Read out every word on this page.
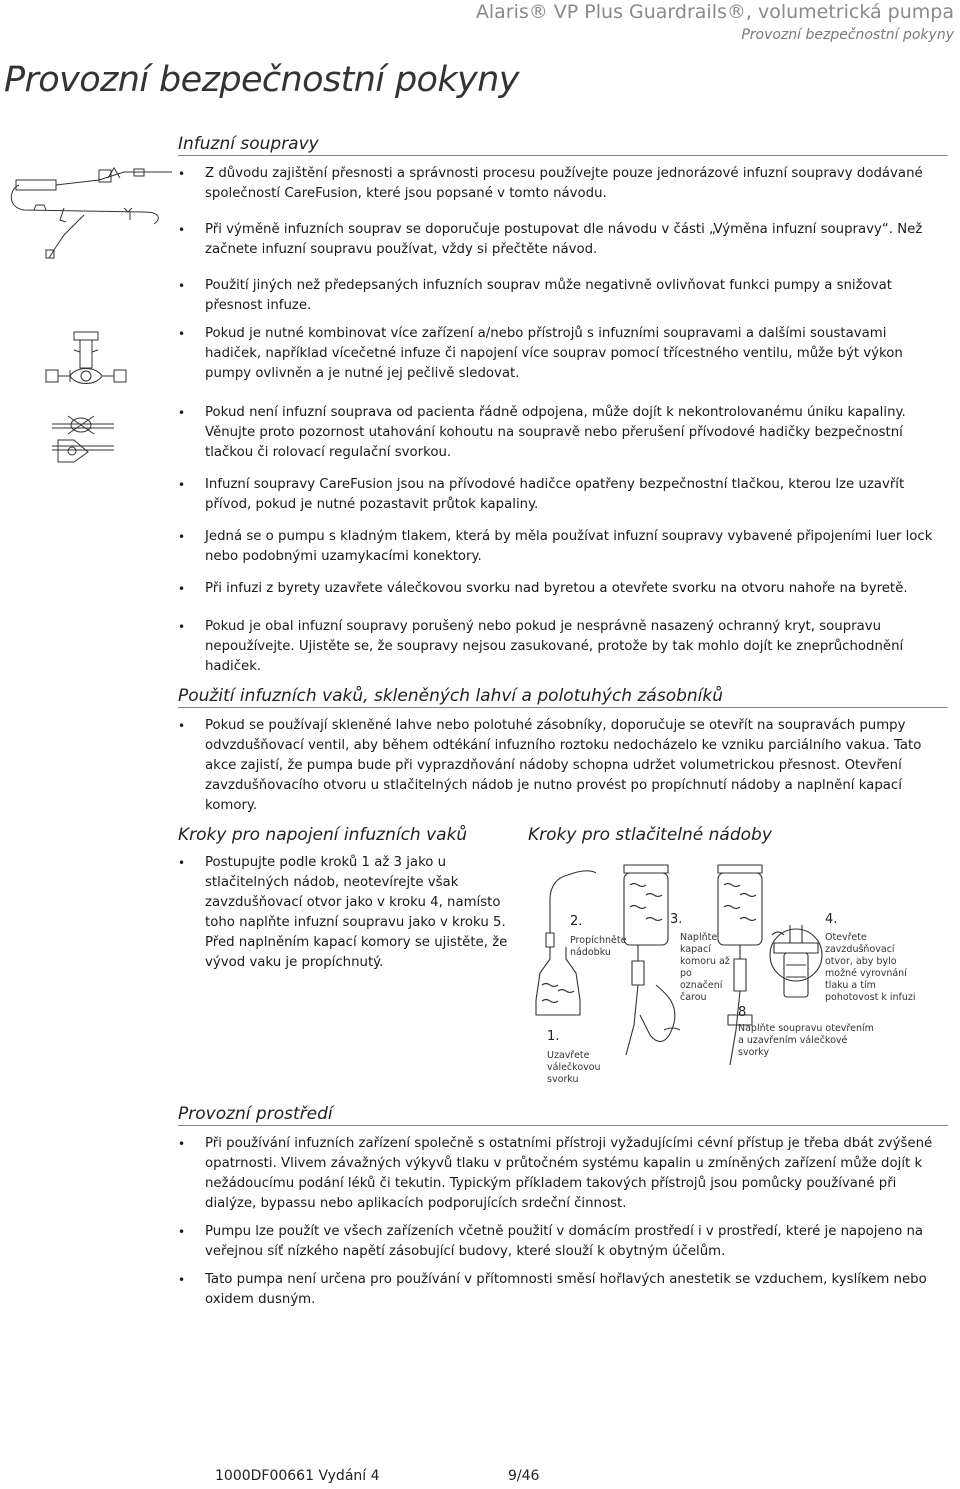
Alaris® VP Plus Guardrails®, volumetrická pumpa
Provozní bezpečnostní pokyny
Provozní bezpečnostní pokyny
Infuzní soupravy
• Z důvodu zajištění přesnosti a správnosti procesu používejte pouze jednorázové infuzní soupravy dodávané společností CareFusion, které jsou popsané v tomto návodu.
• Při výměně infuzních souprav se doporučuje postupovat dle návodu v části „Výměna infuzní soupravy“. Než začnete infuzní soupravu používat, vždy si přečtěte návod.
• Použití jiných než předepsaných infuzních souprav může negativně ovlivňovat funkci pumpy a snižovat přesnost infuze.
• Pokud je nutné kombinovat více zařízení a/nebo přístrojů s infuzními soupravami a dalšími soustavami hadiček, například vícečetné infuze či napojení více souprav pomocí třícestného ventilu, může být výkon pumpy ovlivněn a je nutné jej pečlivě sledovat.
• Pokud není infuzní souprava od pacienta řádně odpojena, může dojít k nekontrolovanému úniku kapaliny. Věnujte proto pozornost utahování kohoutu na soupravě nebo přerušení přívodové hadičky bezpečnostní tlačkou či rolovací regulační svorkou.
• Infuzní soupravy CareFusion jsou na přívodové hadičce opatřeny bezpečnostní tlačkou, kterou lze uzavřít přívod, pokud je nutné pozastavit průtok kapaliny.
• Jedná se o pumpu s kladným tlakem, která by měla používat infuzní soupravy vybavené připojeními luer lock nebo podobnými uzamykacími konektory.
• Při infuzi z byrety uzavřete válečkovou svorku nad byretou a otevřete svorku na otvoru nahoře na byretě.
• Pokud je obal infuzní soupravy porušený nebo pokud je nesprávně nasazený ochranný kryt, soupravu nepoužívejte. Ujistěte se, že soupravy nejsou zasukované, protože by tak mohlo dojít ke zneprůchodnění hadiček.
Použití infuzních vaků, skleněných lahví a polotuhých zásobníků
• Pokud se používají skleněné lahve nebo polotuhé zásobníky, doporučuje se otevřít na soupravách pumpy odvzdušňovací ventil, aby během odtékání infuzního roztoku nedocházelo ke vzniku parciálního vakua. Tato akce zajistí, že pumpa bude při vyprazdňování nádoby schopna udržet volumetrickou přesnost. Otevření zavzdušňovacího otvoru u stlačitelných nádob je nutno provést po propíchnutí nádoby a naplnění kapací komory.
Kroky pro napojení infuzních vaků
• Postupujte podle kroků 1 až 3 jako u stlačitelných nádob, neotevírejte však zavzdušňovací otvor jako v kroku 4, namísto toho naplňte infuzní soupravu jako v kroku 5. Před naplněním kapací komory se ujistěte, že vývod vaku je propíchnutý.
Kroky pro stlačitelné nádoby
2.
Propíchněte nádobku
1.
Uzavřete válečkovou svorku
3.
Naplňte kapací komoru až po označení čarou
4.
Otevřete zavzdušňovací otvor, aby bylo možné vyrovnání tlaku a tím pohotovost k infuzi
8
Naplňte soupravu otevřením a uzavřením válečkové svorky
Provozní prostředí
• Při používání infuzních zařízení společně s ostatními přístroji vyžadujícími cévní přístup je třeba dbát zvýšené opatrnosti. Vlivem závažných výkyvů tlaku v průtočném systému kapalin u zmíněných zařízení může dojít k nežádoucímu podání léků či tekutin. Typickým příkladem takových přístrojů jsou pomůcky používané při dialýze, bypassu nebo aplikacích podporujících srdeční činnost.
• Pumpu lze použít ve všech zařízeních včetně použití v domácím prostředí i v prostředí, které je napojeno na veřejnou síť nízkého napětí zásobující budovy, které slouží k obytným účelům.
• Tato pumpa není určena pro používání v přítomnosti směsí hořlavých anestetik se vzduchem, kyslíkem nebo oxidem dusným.
1000DF00661 Vydání 4	9/46
